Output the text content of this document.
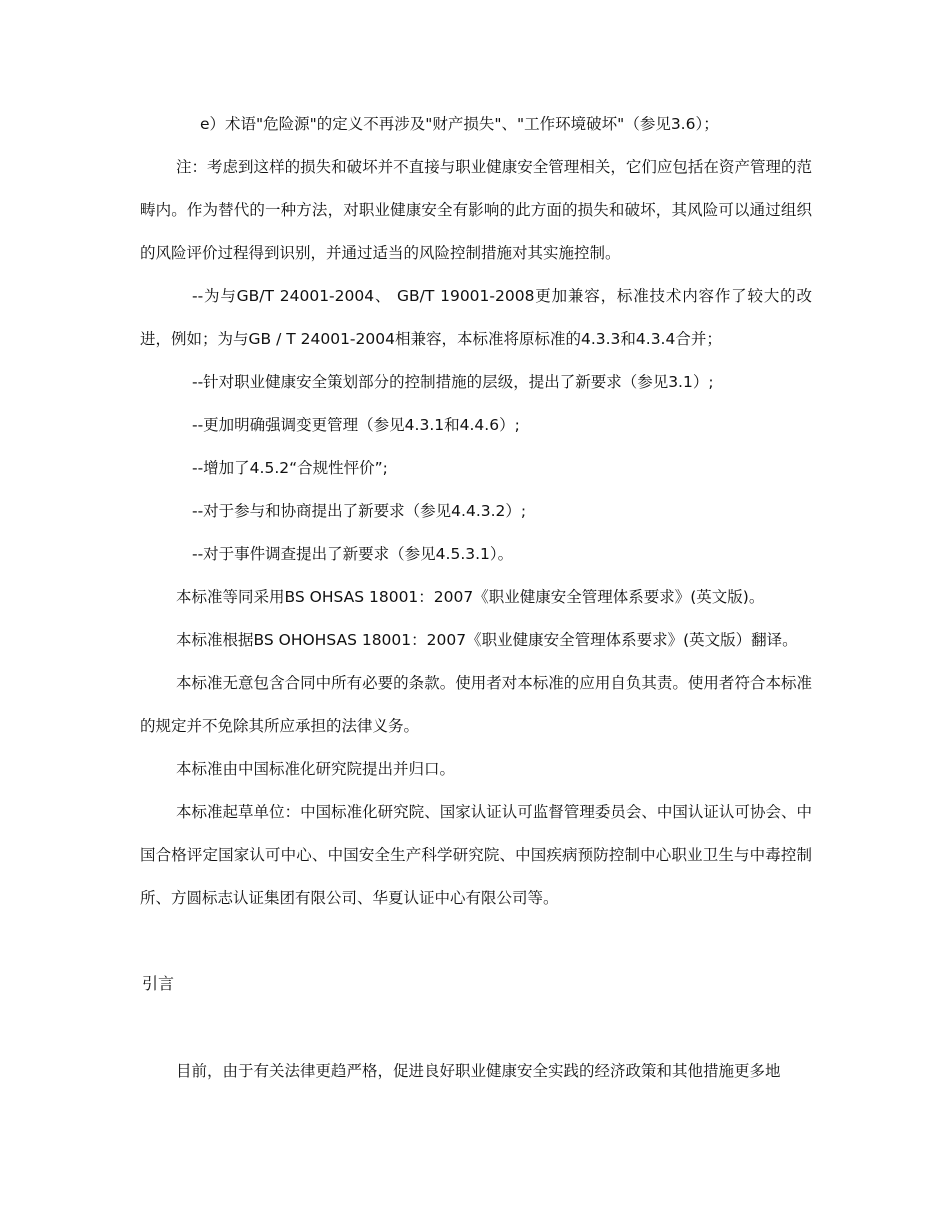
e）术语"危险源"的定义不再涉及"财产损失"、"工作环境破坏"（参见3.6）；

注：考虑到这样的损失和破坏并不直接与职业健康安全管理相关，它们应包括在资产管理的范畴内。作为替代的一种方法，对职业健康安全有影响的此方面的损失和破坏，其风险可以通过组织的风险评价过程得到识别，并通过适当的风险控制措施对其实施控制。

--为与GB/T 24001-2004、 GB/T 19001-2008更加兼容，标准技术内容作了较大的改进，例如；为与GB / T 24001-2004相兼容，本标准将原标准的4.3.3和4.3.4合并；

--针对职业健康安全策划部分的控制措施的层级，提出了新要求（参见3.1）;

--更加明确强调变更管理（参见4.3.1和4.4.6）;

--增加了4.5.2“合规性怦价”;

--对于参与和协商提出了新要求（参见4.4.3.2）;

--对于事件调查提出了新要求（参见4.5.3.1）。

本标准等同采用BS OHSAS 18001：2007《职业健康安全管理体系要求》(英文版)。

本标准根据BS OHOHSAS 18001：2007《职业健康安全管理体系要求》(英文版）翻译。

本标准无意包含合同中所有必要的条款。使用者对本标准的应用自负其责。使用者符合本标准的规定并不免除其所应承担的法律义务。

本标准由中国标准化研究院提出并归口。

本标准起草单位：中国标准化研究院、国家认证认可监督管理委员会、中国认证认可协会、中国合格评定国家认可中心、中国安全生产科学研究院、中国疾病预防控制中心职业卫生与中毒控制所、方圆标志认证集团有限公司、华夏认证中心有限公司等。

引言

目前，由于有关法律更趋严格，促进良好职业健康安全实践的经济政策和其他措施更多地
